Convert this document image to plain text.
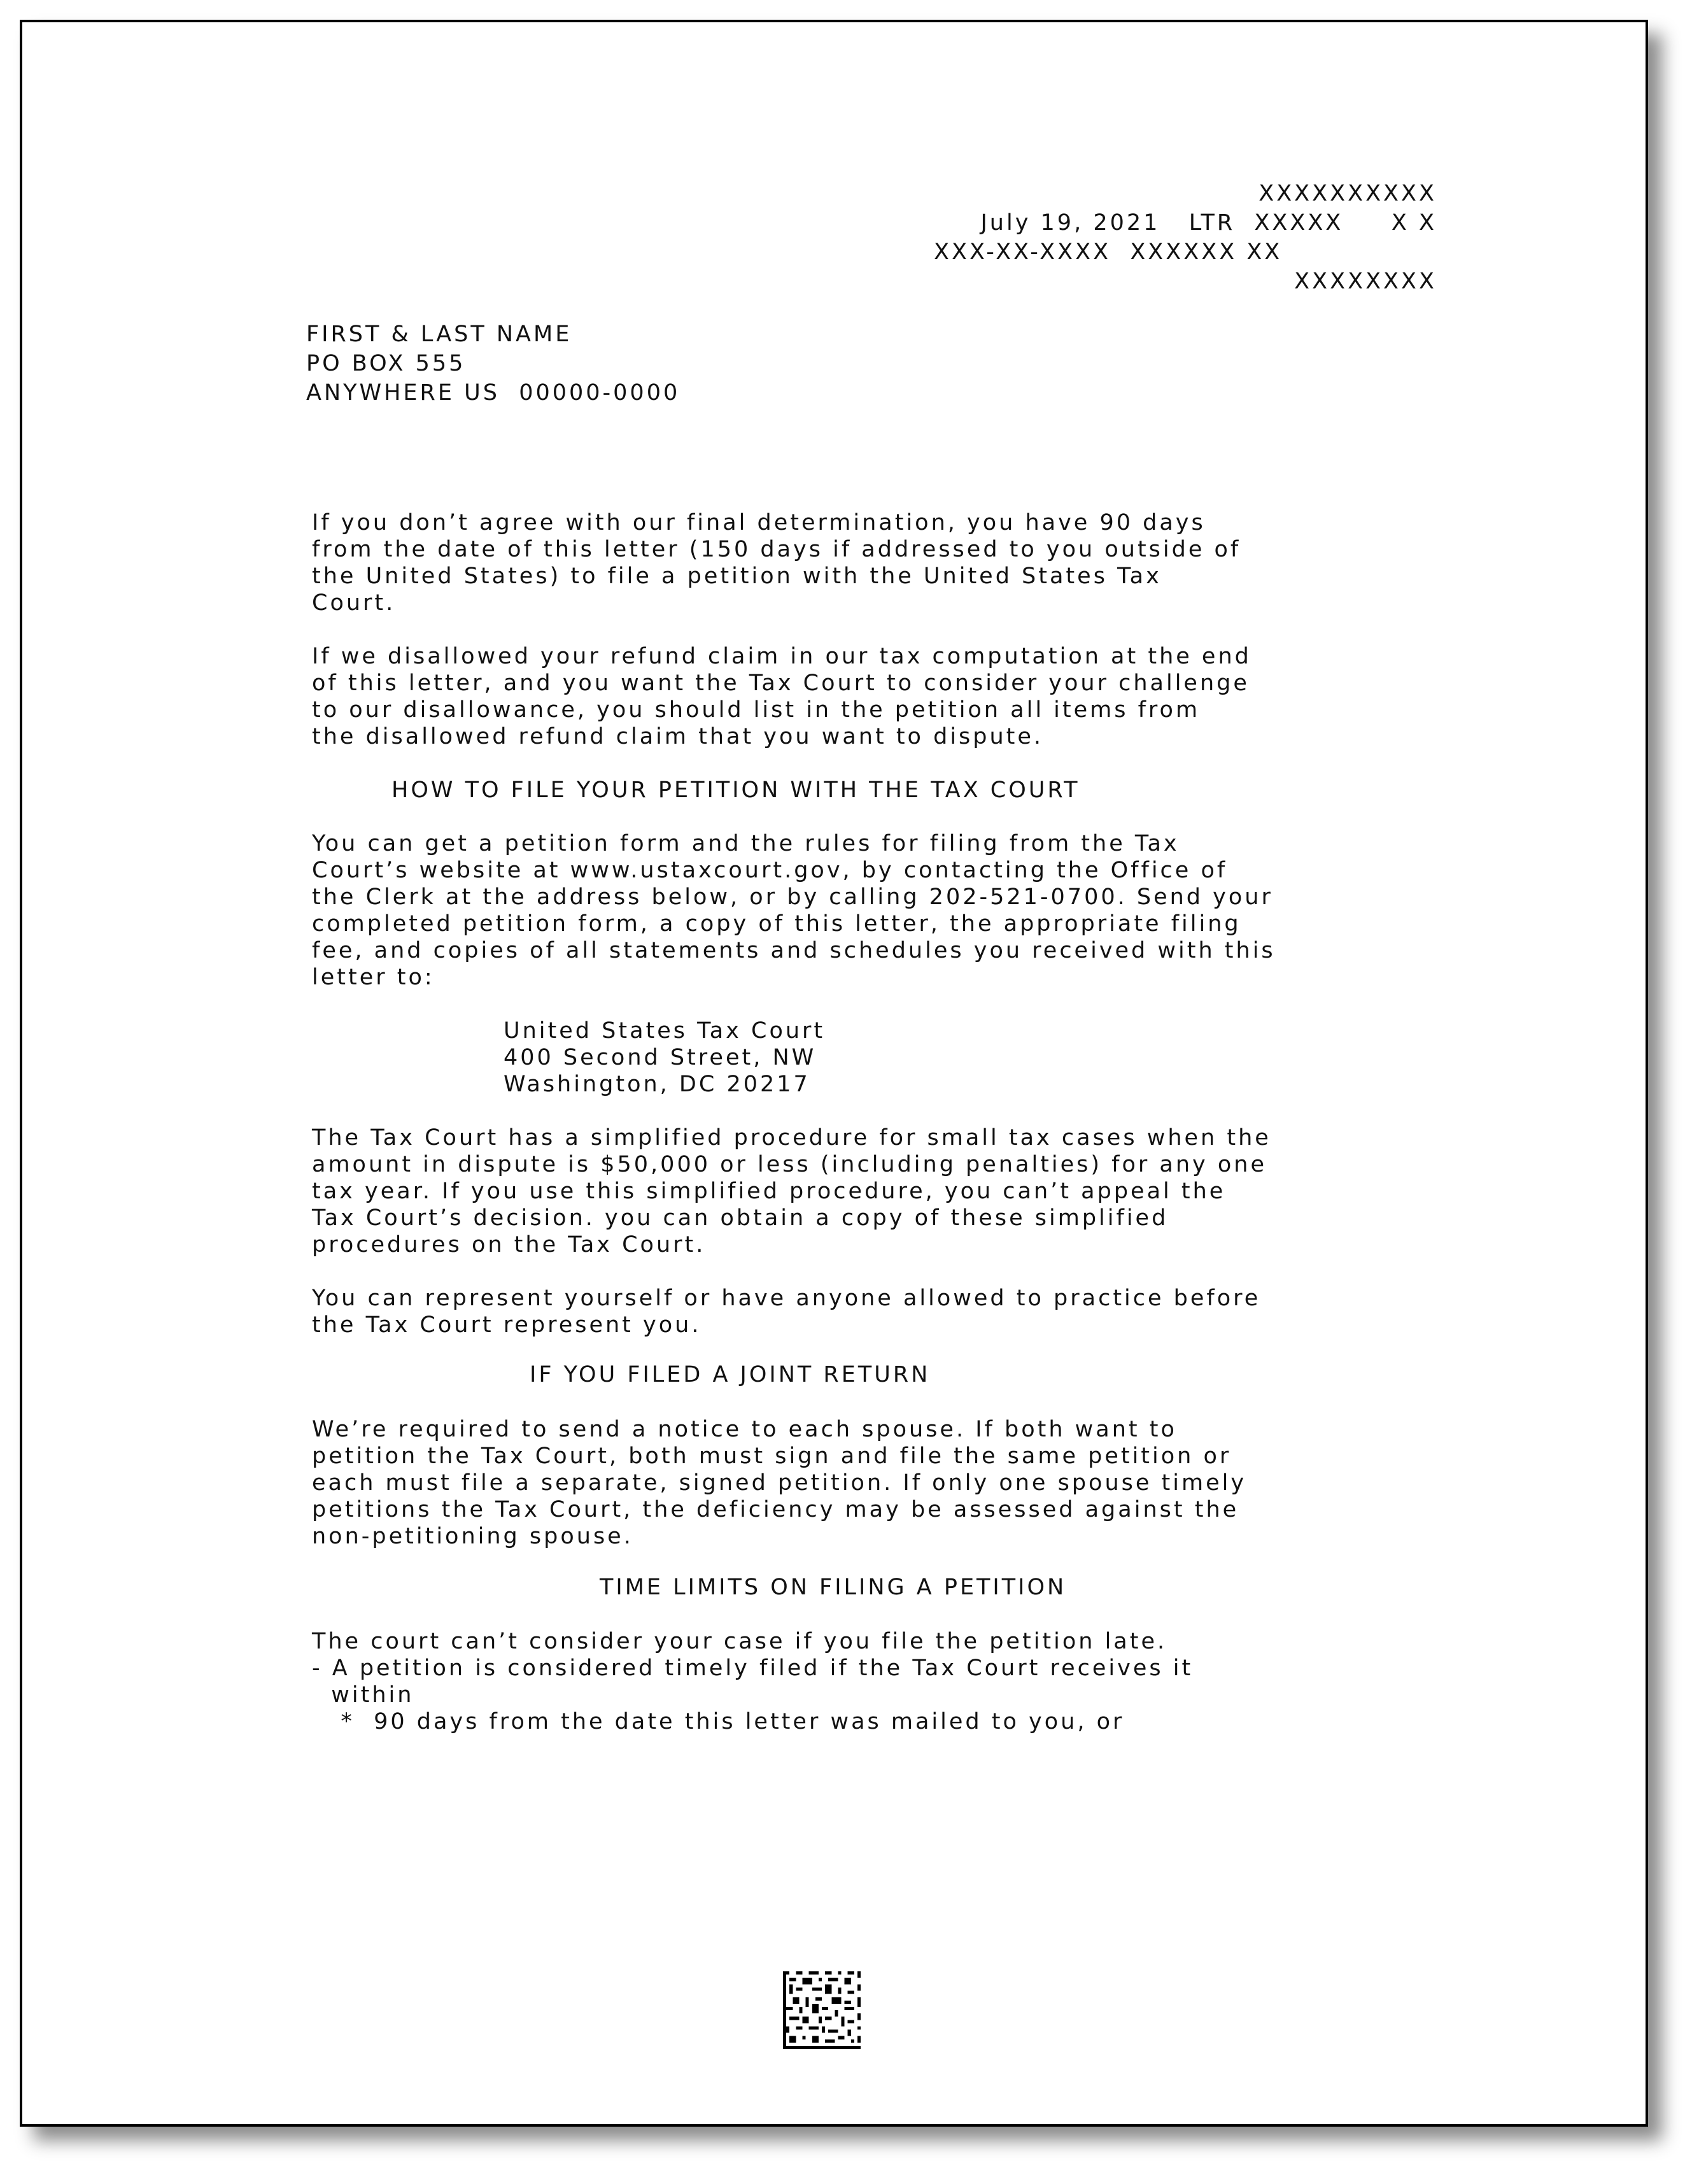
XXXXXXXXXX
July 19, 2021   LTR  XXXXX     X X
XXX-XX-XXXX  XXXXXX XX
XXXXXXXX
FIRST & LAST NAME
PO BOX 555
ANYWHERE US  00000-0000
If you don’t agree with our final determination, you have 90 days
from the date of this letter (150 days if addressed to you outside of
the United States) to file a petition with the United States Tax
Court.
If we disallowed your refund claim in our tax computation at the end
of this letter, and you want the Tax Court to consider your challenge
to our disallowance, you should list in the petition all items from
the disallowed refund claim that you want to dispute.
HOW TO FILE YOUR PETITION WITH THE TAX COURT
You can get a petition form and the rules for filing from the Tax
Court’s website at www.ustaxcourt.gov, by contacting the Office of
the Clerk at the address below, or by calling 202-521-0700. Send your
completed petition form, a copy of this letter, the appropriate filing
fee, and copies of all statements and schedules you received with this
letter to:
United States Tax Court
400 Second Street, NW
Washington, DC 20217
The Tax Court has a simplified procedure for small tax cases when the
amount in dispute is $50,000 or less (including penalties) for any one
tax year. If you use this simplified procedure, you can’t appeal the
Tax Court’s decision. you can obtain a copy of these simplified
procedures on the Tax Court.
You can represent yourself or have anyone allowed to practice before
the Tax Court represent you.
IF YOU FILED A JOINT RETURN
We’re required to send a notice to each spouse. If both want to
petition the Tax Court, both must sign and file the same petition or
each must file a separate, signed petition. If only one spouse timely
petitions the Tax Court, the deficiency may be assessed against the
non-petitioning spouse.
TIME LIMITS ON FILING A PETITION
The court can’t consider your case if you file the petition late.
- A petition is considered timely filed if the Tax Court receives it
within
*  90 days from the date this letter was mailed to you, or
